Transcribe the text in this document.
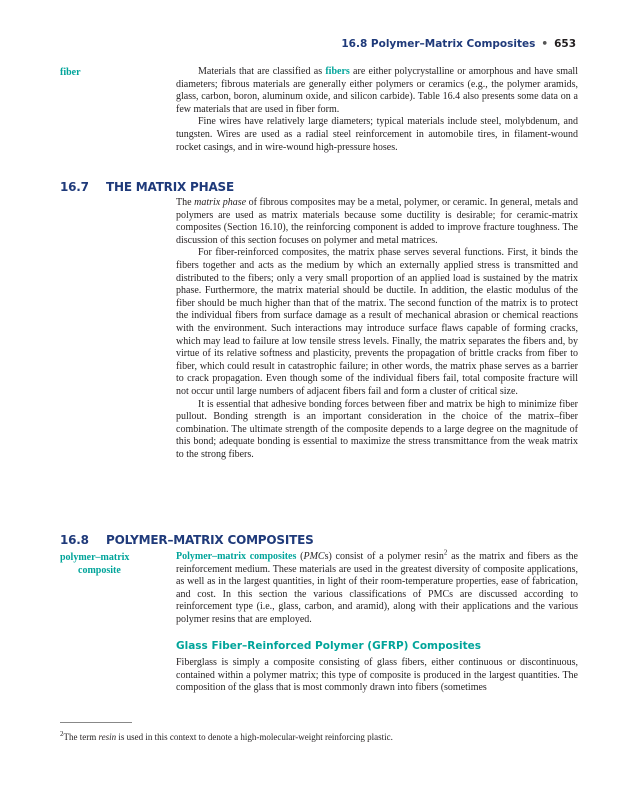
16.8 Polymer–Matrix Composites • 653
fiber	Materials that are classified as fibers are either polycrystalline or amorphous and have small diameters; fibrous materials are generally either polymers or ceramics (e.g., the polymer aramids, glass, carbon, boron, aluminum oxide, and silicon carbide). Table 16.4 also presents some data on a few materials that are used in fiber form.

Fine wires have relatively large diameters; typical materials include steel, molybdenum, and tungsten. Wires are used as a radial steel reinforcement in automobile tires, in filament-wound rocket casings, and in wire-wound high-pressure hoses.

16.7 THE MATRIX PHASE

The matrix phase of fibrous composites may be a metal, polymer, or ceramic. In general, metals and polymers are used as matrix materials because some ductility is desirable; for ceramic-matrix composites (Section 16.10), the reinforcing component is added to improve fracture toughness. The discussion of this section focuses on polymer and metal matrices.

For fiber-reinforced composites, the matrix phase serves several functions. First, it binds the fibers together and acts as the medium by which an externally applied stress is transmitted and distributed to the fibers; only a very small proportion of an applied load is sustained by the matrix phase. Furthermore, the matrix material should be ductile. In addition, the elastic modulus of the fiber should be much higher than that of the matrix. The second function of the matrix is to protect the individual fibers from surface damage as a result of mechanical abrasion or chemical reactions with the environment. Such interactions may introduce surface flaws capable of forming cracks, which may lead to failure at low tensile stress levels. Finally, the matrix separates the fibers and, by virtue of its relative softness and plasticity, prevents the propagation of brittle cracks from fiber to fiber, which could result in catastrophic failure; in other words, the matrix phase serves as a barrier to crack propagation. Even though some of the individual fibers fail, total composite fracture will not occur until large numbers of adjacent fibers fail and form a cluster of critical size.

It is essential that adhesive bonding forces between fiber and matrix be high to minimize fiber pullout. Bonding strength is an important consideration in the choice of the matrix–fiber combination. The ultimate strength of the composite depends to a large degree on the magnitude of this bond; adequate bonding is essential to maximize the stress transmittance from the weak matrix to the strong fibers.

16.8 POLYMER–MATRIX COMPOSITES
polymer–matrix
composite

Polymer–matrix composites (PMCs) consist of a polymer resin$^2$ as the matrix and fibers as the reinforcement medium. These materials are used in the greatest diversity of composite applications, as well as in the largest quantities, in light of their room-temperature properties, ease of fabrication, and cost. In this section the various classifications of PMCs are discussed according to reinforcement type (i.e., glass, carbon, and aramid), along with their applications and the various polymer resins that are employed.

Glass Fiber–Reinforced Polymer (GFRP) Composites

Fiberglass is simply a composite consisting of glass fibers, either continuous or discontinuous, contained within a polymer matrix; this type of composite is produced in the largest quantities. The composition of the glass that is most commonly drawn into fibers (sometimes

$^2$The term resin is used in this context to denote a high-molecular-weight reinforcing plastic.
